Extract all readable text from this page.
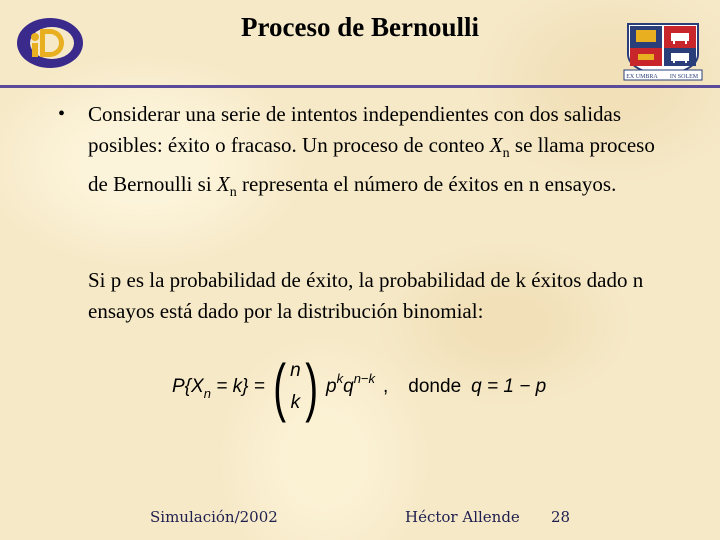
Proceso de Bernoulli
EX UMBRA IN SOLEM
• Considerar una serie de intentos independientes con dos salidas posibles: éxito o fracaso. Un proceso de conteo $X_n$ se llama proceso de Bernoulli si $X_n$ representa el número de éxitos en n ensayos.

Si p es la probabilidad de éxito, la probabilidad de k éxitos dado n ensayos está dado por la distribución binomial:

P{ X n = k} = ( n
k ) p k q n−k , donde q = 1 − p
Simulación/2002	Héctor Allende 28
